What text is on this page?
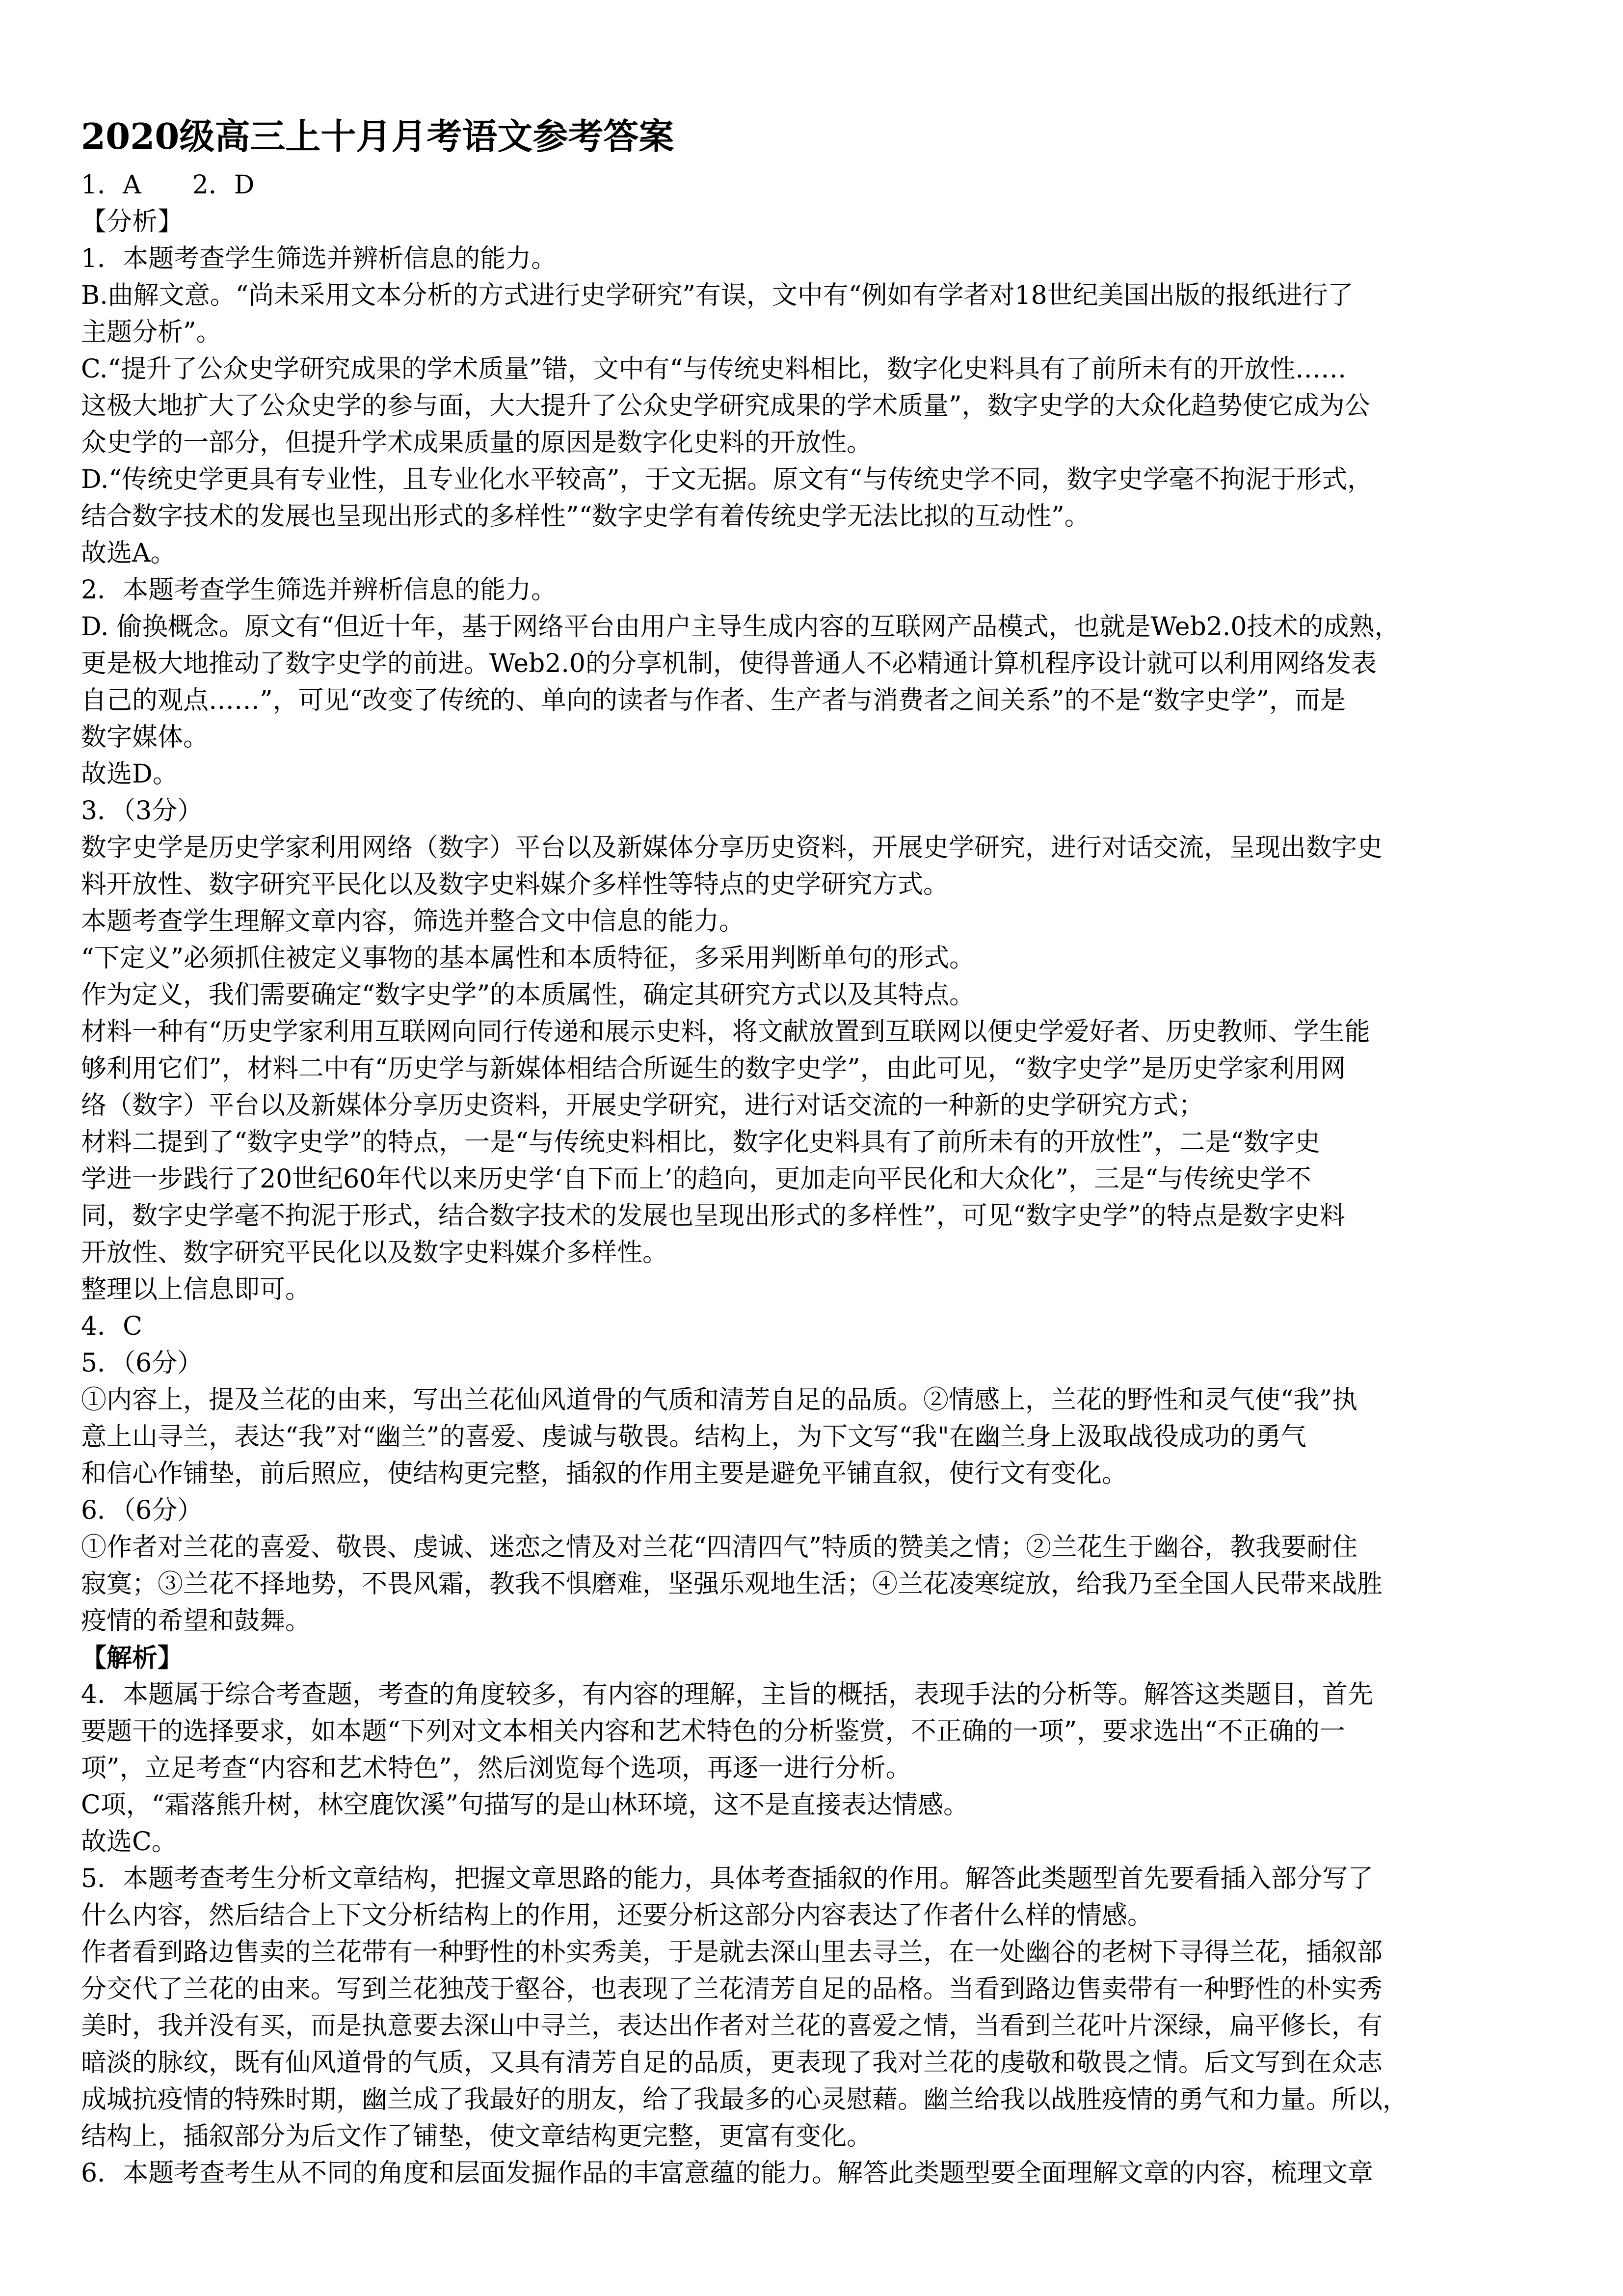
2020级高三上十月月考语文参考答案
1．A　　2．D
【分析】
1．本题考查学生筛选并辨析信息的能力。
B.曲解文意。“尚未采用文本分析的方式进行史学研究”有误，文中有“例如有学者对18世纪美国出版的报纸进行了
主题分析”。
C.“提升了公众史学研究成果的学术质量”错，文中有“与传统史料相比，数字化史料具有了前所未有的开放性……
这极大地扩大了公众史学的参与面，大大提升了公众史学研究成果的学术质量”，数字史学的大众化趋势使它成为公
众史学的一部分，但提升学术成果质量的原因是数字化史料的开放性。
D.“传统史学更具有专业性，且专业化水平较高”，于文无据。原文有“与传统史学不同，数字史学毫不拘泥于形式，
结合数字技术的发展也呈现出形式的多样性”“数字史学有着传统史学无法比拟的互动性”。
故选A。
2．本题考查学生筛选并辨析信息的能力。
D. 偷换概念。原文有“但近十年，基于网络平台由用户主导生成内容的互联网产品模式，也就是Web2.0技术的成熟，
更是极大地推动了数字史学的前进。Web2.0的分享机制，使得普通人不必精通计算机程序设计就可以利用网络发表
自己的观点……”，可见“改变了传统的、单向的读者与作者、生产者与消费者之间关系”的不是“数字史学”，而是
数字媒体。
故选D。
3．（3分）
数字史学是历史学家利用网络（数字）平台以及新媒体分享历史资料，开展史学研究，进行对话交流，呈现出数字史
料开放性、数字研究平民化以及数字史料媒介多样性等特点的史学研究方式。
本题考查学生理解文章内容，筛选并整合文中信息的能力。
“下定义”必须抓住被定义事物的基本属性和本质特征，多采用判断单句的形式。
作为定义，我们需要确定“数字史学”的本质属性，确定其研究方式以及其特点。
材料一种有“历史学家利用互联网向同行传递和展示史料，将文献放置到互联网以便史学爱好者、历史教师、学生能
够利用它们”，材料二中有“历史学与新媒体相结合所诞生的数字史学”，由此可见，“数字史学”是历史学家利用网
络（数字）平台以及新媒体分享历史资料，开展史学研究，进行对话交流的一种新的史学研究方式；
材料二提到了“数字史学”的特点，一是“与传统史料相比，数字化史料具有了前所未有的开放性”，二是“数字史
学进一步践行了20世纪60年代以来历史学‘自下而上’的趋向，更加走向平民化和大众化”，三是“与传统史学不
同，数字史学毫不拘泥于形式，结合数字技术的发展也呈现出形式的多样性”，可见“数字史学”的特点是数字史料
开放性、数字研究平民化以及数字史料媒介多样性。
整理以上信息即可。
4．C
5．（6分）
①内容上，提及兰花的由来，写出兰花仙风道骨的气质和清芳自足的品质。②情感上，兰花的野性和灵气使“我”执
意上山寻兰，表达“我”对“幽兰”的喜爱、虔诚与敬畏。结构上，为下文写“我"在幽兰身上汲取战役成功的勇气
和信心作铺垫，前后照应，使结构更完整，插叙的作用主要是避免平铺直叙，使行文有变化。
6．（6分）
①作者对兰花的喜爱、敬畏、虔诚、迷恋之情及对兰花“四清四气”特质的赞美之情；②兰花生于幽谷，教我要耐住
寂寞；③兰花不择地势，不畏风霜，教我不惧磨难，坚强乐观地生活；④兰花凌寒绽放，给我乃至全国人民带来战胜
疫情的希望和鼓舞。
【解析】
4．本题属于综合考查题，考查的角度较多，有内容的理解，主旨的概括，表现手法的分析等。解答这类题目，首先
要题干的选择要求，如本题“下列对文本相关内容和艺术特色的分析鉴赏，不正确的一项”，要求选出“不正确的一
项”，立足考查“内容和艺术特色”，然后浏览每个选项，再逐一进行分析。
C项，“霜落熊升树，林空鹿饮溪”句描写的是山林环境，这不是直接表达情感。
故选C。
5．本题考查考生分析文章结构，把握文章思路的能力，具体考查插叙的作用。解答此类题型首先要看插入部分写了
什么内容，然后结合上下文分析结构上的作用，还要分析这部分内容表达了作者什么样的情感。
作者看到路边售卖的兰花带有一种野性的朴实秀美，于是就去深山里去寻兰，在一处幽谷的老树下寻得兰花，插叙部
分交代了兰花的由来。写到兰花独茂于壑谷，也表现了兰花清芳自足的品格。当看到路边售卖带有一种野性的朴实秀
美时，我并没有买，而是执意要去深山中寻兰，表达出作者对兰花的喜爱之情，当看到兰花叶片深绿，扁平修长，有
暗淡的脉纹，既有仙风道骨的气质，又具有清芳自足的品质，更表现了我对兰花的虔敬和敬畏之情。后文写到在众志
成城抗疫情的特殊时期，幽兰成了我最好的朋友，给了我最多的心灵慰藉。幽兰给我以战胜疫情的勇气和力量。所以，
结构上，插叙部分为后文作了铺垫，使文章结构更完整，更富有变化。
6．本题考查考生从不同的角度和层面发掘作品的丰富意蕴的能力。解答此类题型要全面理解文章的内容，梳理文章
